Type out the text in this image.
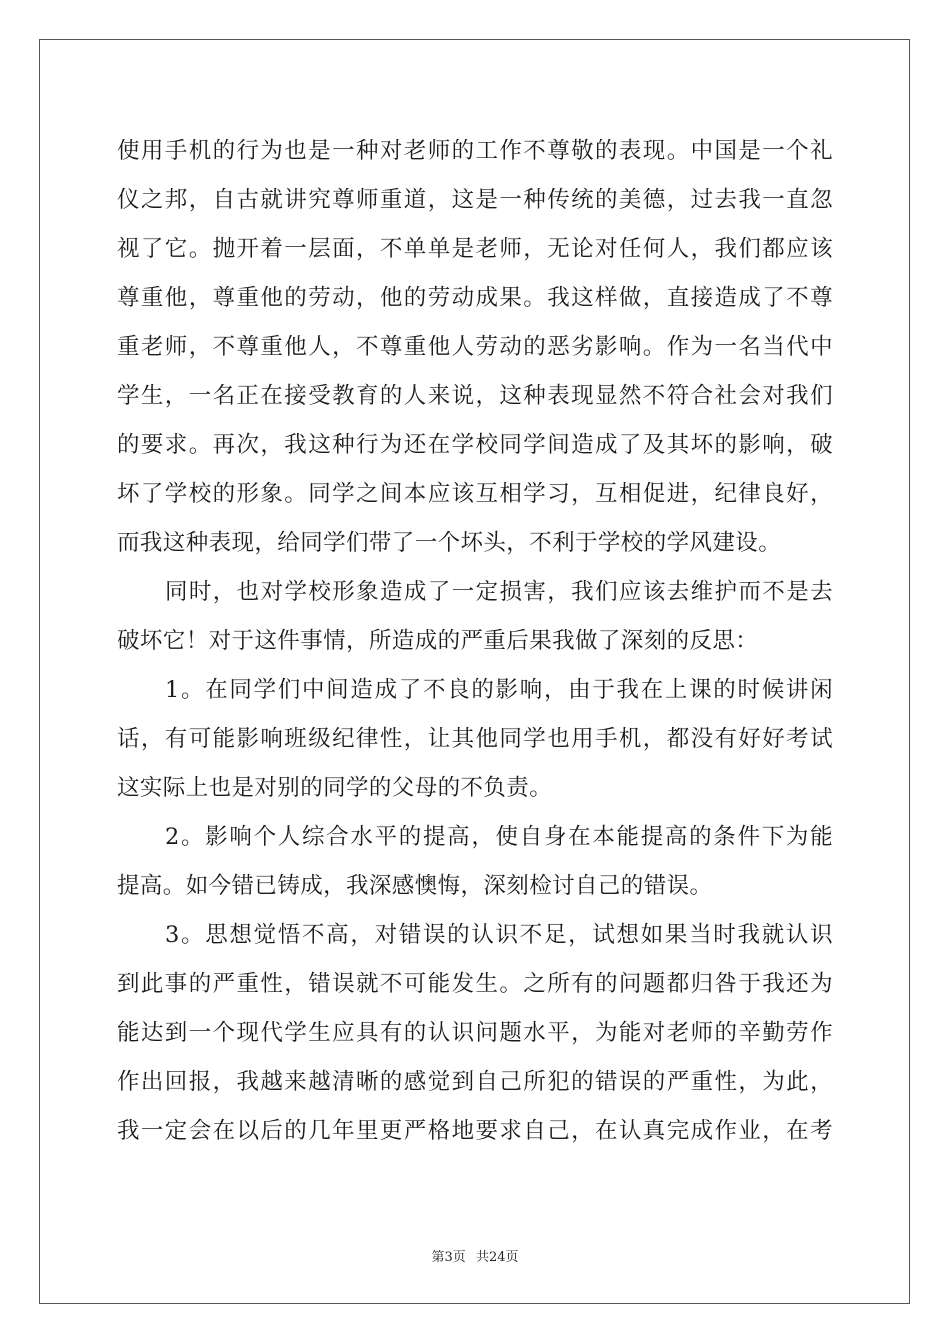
使用手机的行为也是一种对老师的工作不尊敬的表现。中国是一个礼
仪之邦，自古就讲究尊师重道，这是一种传统的美德，过去我一直忽
视了它。抛开着一层面，不单单是老师，无论对任何人，我们都应该
尊重他，尊重他的劳动，他的劳动成果。我这样做，直接造成了不尊
重老师，不尊重他人，不尊重他人劳动的恶劣影响。作为一名当代中
学生，一名正在接受教育的人来说，这种表现显然不符合社会对我们
的要求。再次，我这种行为还在学校同学间造成了及其坏的影响，破
坏了学校的形象。同学之间本应该互相学习，互相促进，纪律良好，
而我这种表现，给同学们带了一个坏头，不利于学校的学风建设。
同时，也对学校形象造成了一定损害，我们应该去维护而不是去
破坏它！对于这件事情，所造成的严重后果我做了深刻的反思：
1。在同学们中间造成了不良的影响，由于我在上课的时候讲闲
话，有可能影响班级纪律性，让其他同学也用手机，都没有好好考试
这实际上也是对别的同学的父母的不负责。
2。影响个人综合水平的提高，使自身在本能提高的条件下为能
提高。如今错已铸成，我深感懊悔，深刻检讨自己的错误。
3。思想觉悟不高，对错误的认识不足，试想如果当时我就认识
到此事的严重性，错误就不可能发生。之所有的问题都归咎于我还为
能达到一个现代学生应具有的认识问题水平，为能对老师的辛勤劳作
作出回报，我越来越清晰的感觉到自己所犯的错误的严重性，为此，
我一定会在以后的几年里更严格地要求自己，在认真完成作业，在考
第3页 共24页
